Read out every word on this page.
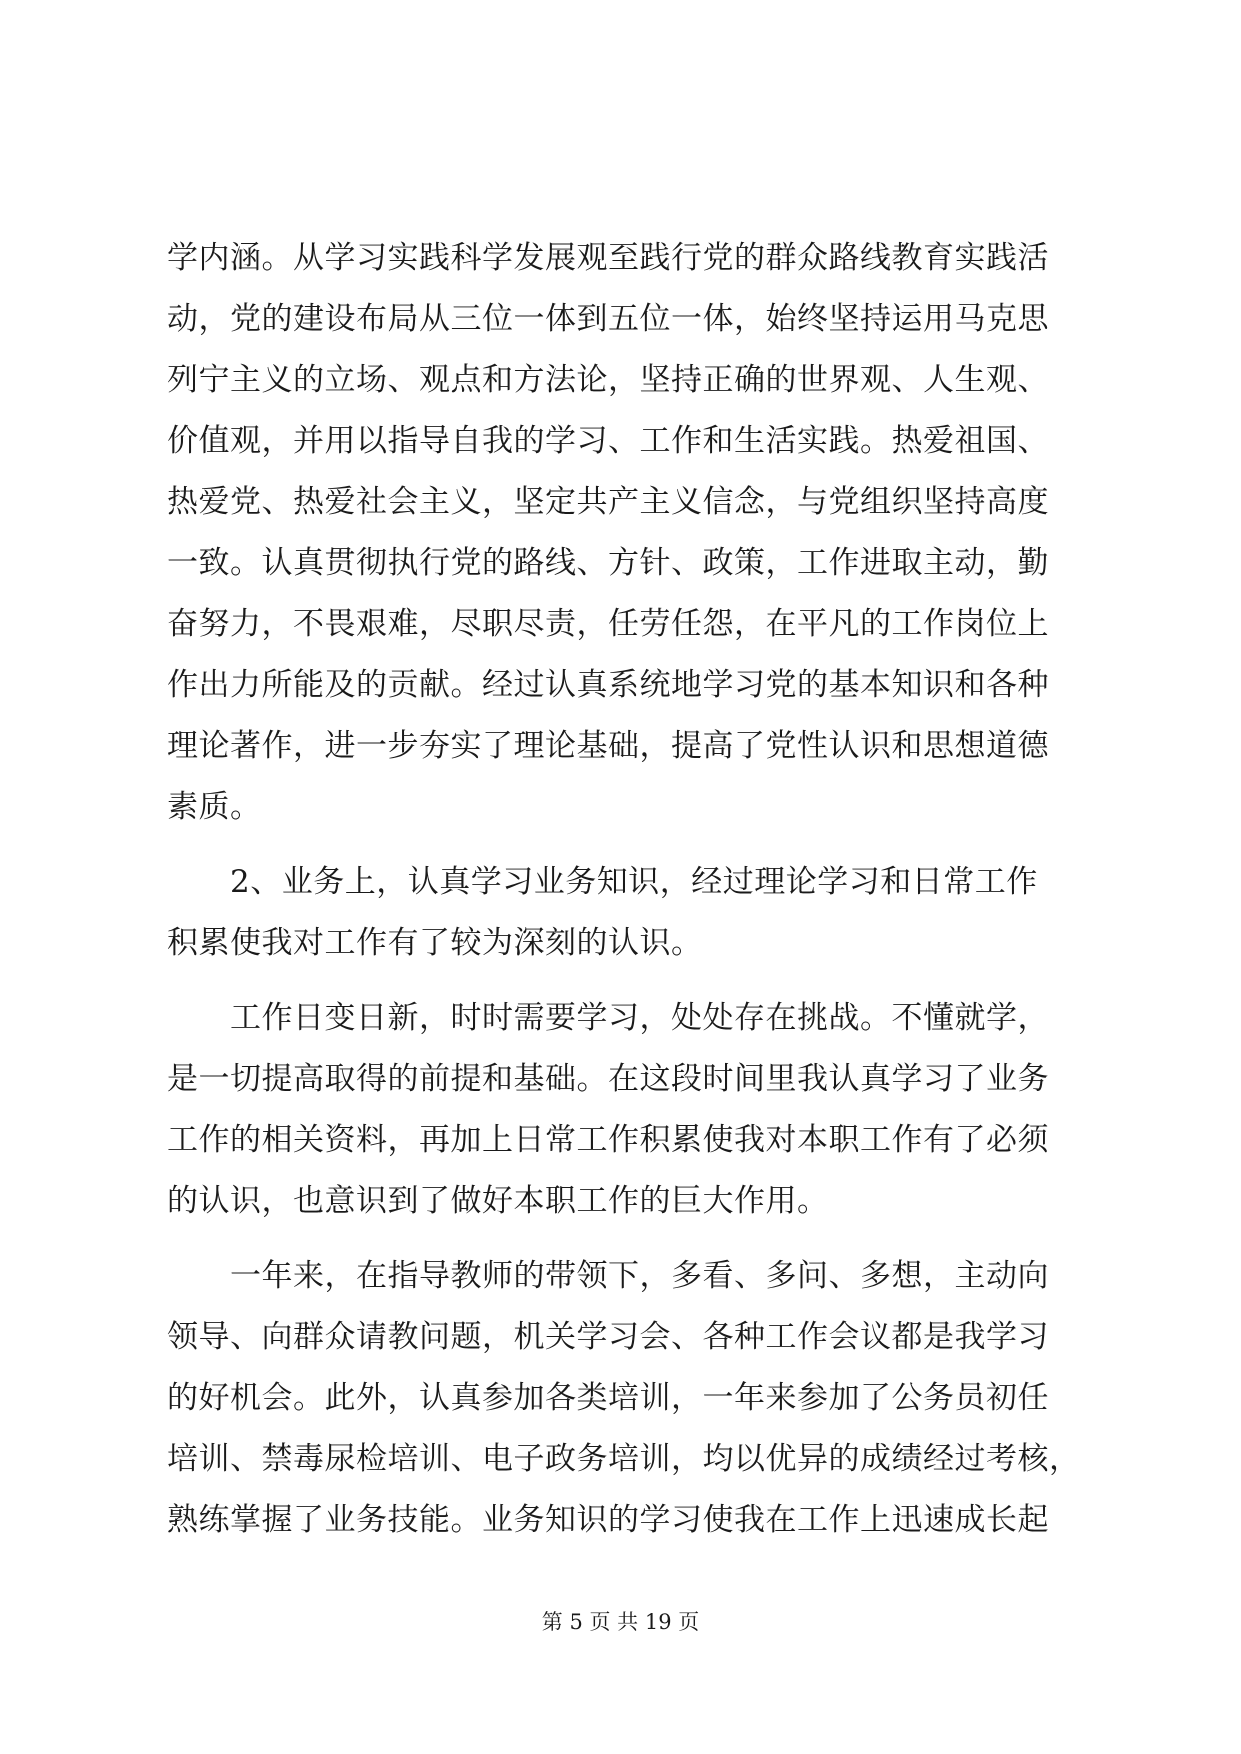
学内涵。从学习实践科学发展观至践行党的群众路线教育实践活
动，党的建设布局从三位一体到五位一体，始终坚持运用马克思
列宁主义的立场、观点和方法论，坚持正确的世界观、人生观、
价值观，并用以指导自我的学习、工作和生活实践。热爱祖国、
热爱党、热爱社会主义，坚定共产主义信念，与党组织坚持高度
一致。认真贯彻执行党的路线、方针、政策，工作进取主动，勤
奋努力，不畏艰难，尽职尽责，任劳任怨，在平凡的工作岗位上
作出力所能及的贡献。经过认真系统地学习党的基本知识和各种
理论著作，进一步夯实了理论基础，提高了党性认识和思想道德
素质。
2、业务上，认真学习业务知识，经过理论学习和日常工作
积累使我对工作有了较为深刻的认识。
工作日变日新，时时需要学习，处处存在挑战。不懂就学，
是一切提高取得的前提和基础。在这段时间里我认真学习了业务
工作的相关资料，再加上日常工作积累使我对本职工作有了必须
的认识，也意识到了做好本职工作的巨大作用。
一年来，在指导教师的带领下，多看、多问、多想，主动向
领导、向群众请教问题，机关学习会、各种工作会议都是我学习
的好机会。此外，认真参加各类培训，一年来参加了公务员初任
培训、禁毒尿检培训、电子政务培训，均以优异的成绩经过考核，
熟练掌握了业务技能。业务知识的学习使我在工作上迅速成长起
第 5 页 共 19 页
